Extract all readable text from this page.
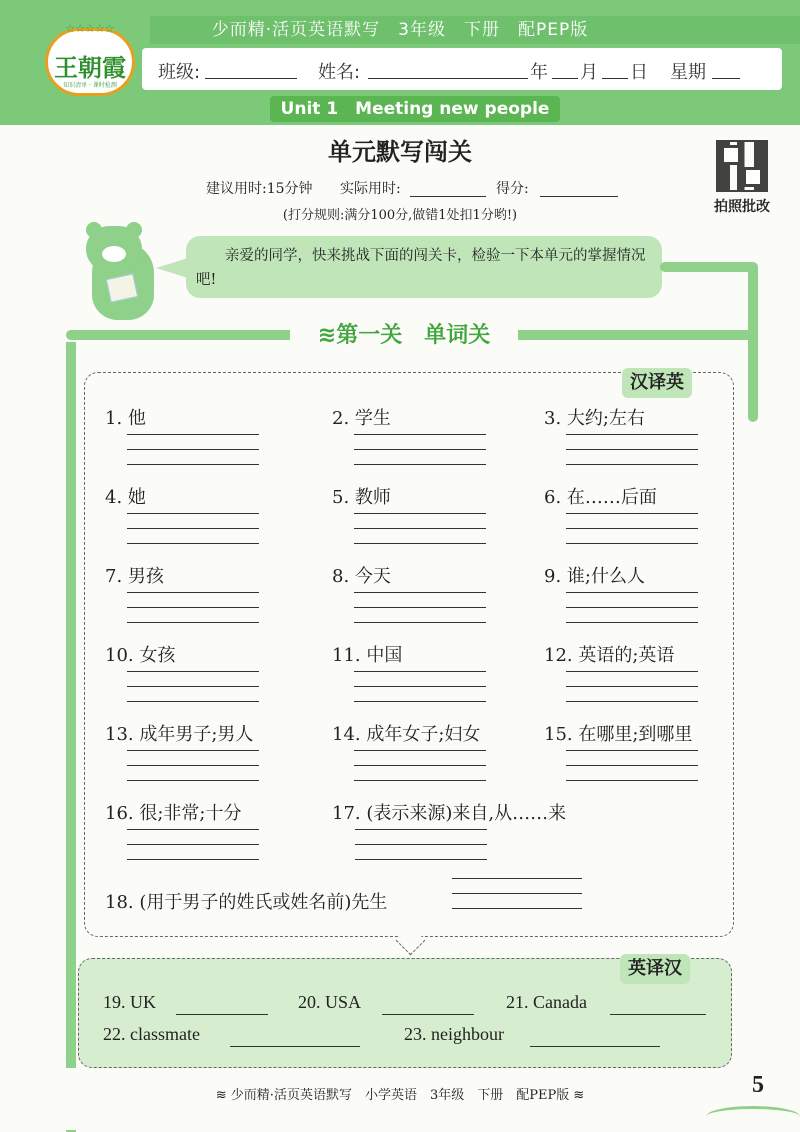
少而精·活页英语默写　3年级　下册　配PEP版
☆☆☆☆☆
王朝霞
知识清单 · 课时检测
班级:	姓名:	年 月 日 星期
Unit 1　Meeting new people
单元默写闯关
建议用时:15分钟 实际用时:	得分:
(打分规则:满分100分,做错1处扣1分哟!)
拍照批改
亲爱的同学，快来挑战下面的闯关卡，检验一下本单元的掌握情况吧!
≋第一关　单词关
汉译英
1. 他	2. 学生	3. 大约;左右
4. 她	5. 教师	6. 在……后面
7. 男孩	8. 今天	9. 谁;什么人
10. 女孩	11. 中国	12. 英语的;英语
13. 成年男子;男人	14. 成年女子;妇女	15. 在哪里;到哪里
16. 很;非常;十分	17. (表示来源)来自,从……来
18. (用于男子的姓氏或姓名前)先生
英译汉
19. UK	20. USA	21. Canada
22. classmate	23. neighbour
≋ 少而精·活页英语默写　小学英语　3年级　下册　配PEP版 ≋	5
